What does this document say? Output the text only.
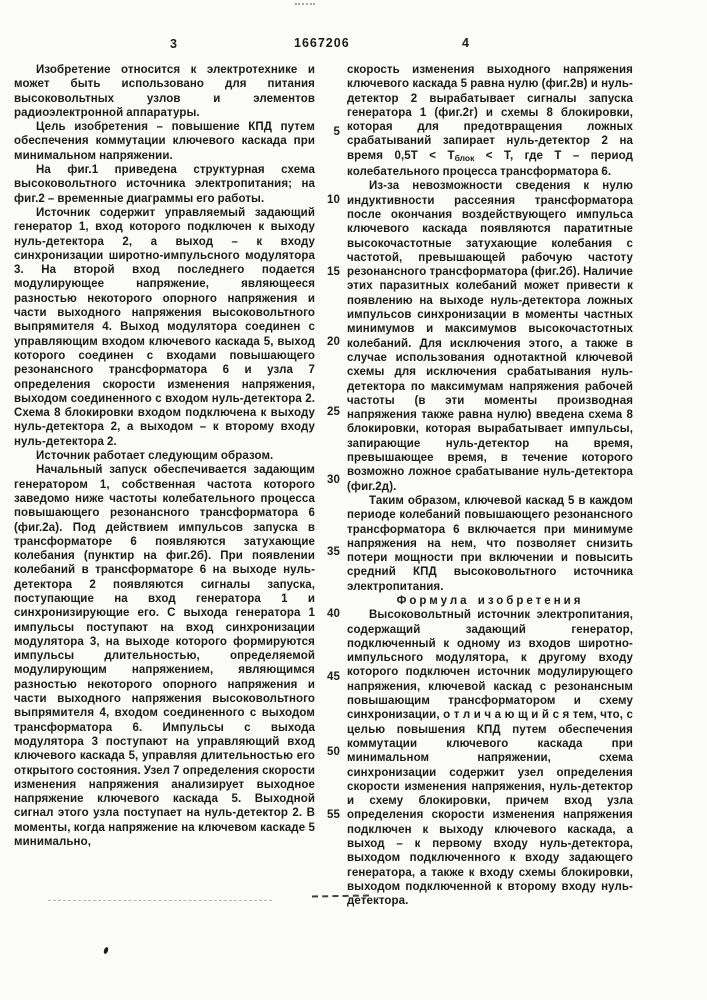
3	1667206	4

Изобретение относится к электротехнике и может быть использовано для питания высоковольтных узлов и элементов радиоэлектронной аппаратуры.

Цель изобретения – повышение КПД путем обеспечения коммутации ключевого каскада при минимальном напряжении.

На фиг.1 приведена структурная схема высоковольтного источника электропитания; на фиг.2 – временные диаграммы его работы.

Источник содержит управляемый задающий генератор 1, вход которого подключен к выходу нуль-детектора 2, а выход – к входу синхронизации широтно-импульсного модулятора 3. На второй вход последнего подается модулирующее напряжение, являющееся разностью некоторого опорного напряжения и части выходного напряжения высоковольтного выпрямителя 4. Выход модулятора соединен с управляющим входом ключевого каскада 5, выход которого соединен с входами повышающего резонансного трансформатора 6 и узла 7 определения скорости изменения напряжения, выходом соединенного с входом нуль-детектора 2. Схема 8 блокировки входом подключена к выходу нуль-детектора 2, а выходом – к второму входу нуль-детектора 2.

Источник работает следующим образом.

Начальный запуск обеспечивается задающим генератором 1, собственная частота которого заведомо ниже частоты колебательного процесса повышающего резонансного трансформатора 6 (фиг.2а). Под действием импульсов запуска в трансформаторе 6 появляются затухающие колебания (пунктир на фиг.2б). При появлении колебаний в трансформаторе 6 на выходе нуль-детектора 2 появляются сигналы запуска, поступающие на вход генератора 1 и синхронизирующие его. С выхода генератора 1 импульсы поступают на вход синхронизации модулятора 3, на выходе которого формируются импульсы длительностью, определяемой модулирующим напряжением, являющимся разностью некоторого опорного напряжения и части выходного напряжения высоковольтного выпрямителя 4, входом соединенного с выходом трансформатора 6. Импульсы с выхода модулятора 3 поступают на управляющий вход ключевого каскада 5, управляя длительностью его открытого состояния. Узел 7 определения скорости изменения напряжения анализирует выходное напряжение ключевого каскада 5. Выходной сигнал этого узла поступает на нуль-детектор 2. В моменты, когда напряжение на ключевом каскаде 5 минимально,

5
10
15
20
25
30
35
40
45
50
55

скорость изменения выходного напряжения ключевого каскада 5 равна нулю (фиг.2в) и нуль-детектор 2 вырабатывает сигналы запуска генератора 1 (фиг.2г) и схемы 8 блокировки, которая для предотвращения ложных срабатываний запирает нуль-детектор 2 на время $0,5Т < Т_{блок} < Т$, где Т – период колебательного процесса трансформатора 6.

Из-за невозможности сведения к нулю индуктивности рассеяния трансформатора после окончания воздействующего импульса ключевого каскада появляются паратитные высокочастотные затухающие колебания с частотой, превышающей рабочую частоту резонансного трансформатора (фиг.2б). Наличие этих паразитных колебаний может привести к появлению на выходе нуль-детектора ложных импульсов синхронизации в моменты частных минимумов и максимумов высокочастотных колебаний. Для исключения этого, а также в случае использования однотактной ключевой схемы для исключения срабатывания нуль-детектора по максимумам напряжения рабочей частоты (в эти моменты производная напряжения также равна нулю) введена схема 8 блокировки, которая вырабатывает импульсы, запирающие нуль-детектор на время, превышающее время, в течение которого возможно ложное срабатывание нуль-детектора (фиг.2д).

Таким образом, ключевой каскад 5 в каждом периоде колебаний повышающего резонансного трансформатора 6 включается при минимуме напряжения на нем, что позволяет снизить потери мощности при включении и повысить средний КПД высоковольтного источника электропитания.

Формула изобретения

Высоковольтный источник электропитания, содержащий задающий генератор, подключенный к одному из входов широтно-импульсного модулятора, к другому входу которого подключен источник модулирующего напряжения, ключевой каскад с резонансным повышающим трансформатором и схему синхронизации, о т л и ч а ю щ и й с я тем, что, с целью повышения КПД путем обеспечения коммутации ключевого каскада при минимальном напряжении, схема синхронизации содержит узел определения скорости изменения напряжения, нуль-детектор и схему блокировки, причем вход узла определения скорости изменения напряжения подключен к выходу ключевого каскада, а выход – к первому входу нуль-детектора, выходом подключенного к входу задающего генератора, а также к входу схемы блокировки, выходом подключенной к второму входу нуль-детектора.
